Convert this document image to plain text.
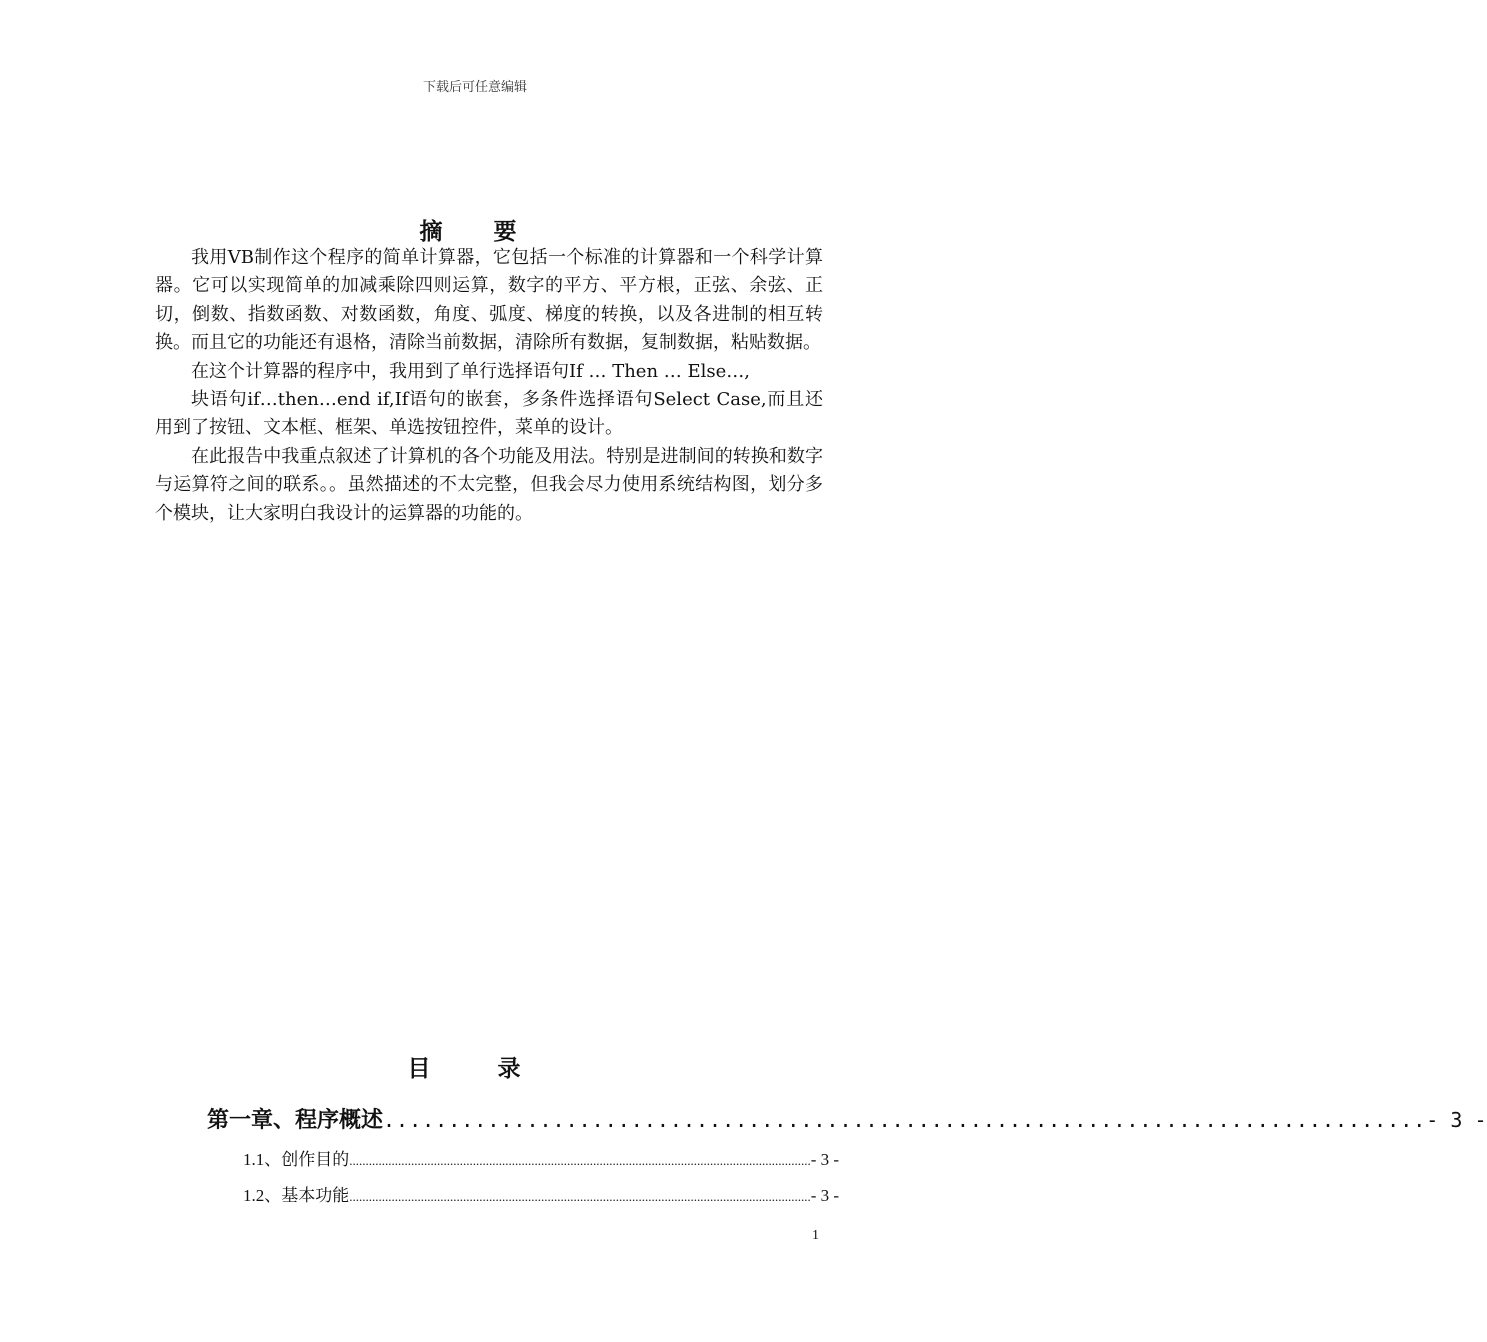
下载后可任意编辑
摘　要

我用VB制作这个程序的简单计算器，它包括一个标准的计算器和一个科学计算器。它可以实现简单的加减乘除四则运算，数字的平方、平方根，正弦、余弦、正切，倒数、指数函数、对数函数，角度、弧度、梯度的转换，以及各进制的相互转换。而且它的功能还有退格，清除当前数据，清除所有数据，复制数据，粘贴数据。

在这个计算器的程序中，我用到了单行选择语句If … Then … Else…,

块语句if…then…end if,If语句的嵌套，多条件选择语句Select Case,而且还用到了按钮、文本框、框架、单选按钮控件，菜单的设计。

在此报告中我重点叙述了计算机的各个功能及用法。特别是进制间的转换和数字与运算符之间的联系。。虽然描述的不太完整，但我会尽力使用系统结构图，划分多个模块，让大家明白我设计的运算器的功能的。

目　录
第一章、程序概述 ................................................................................ - 3 -
1.1、创作目的 .............................................................................................................................................. - 3 -
1.2、基本功能 .............................................................................................................................................. - 3 -
1
